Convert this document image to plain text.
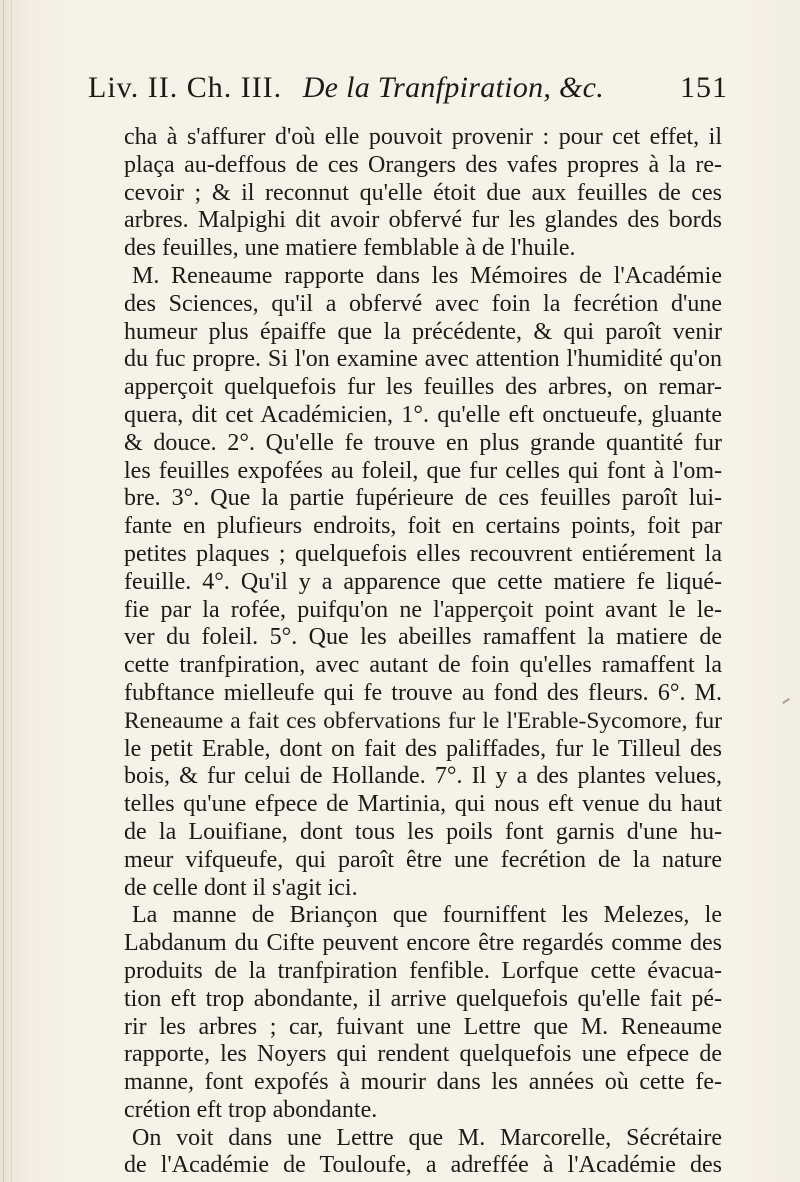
Liv. II. Ch. III. De la Tranfpiration, &c.	151
cha à s'affurer d'où elle pouvoit provenir : pour cet effet, il
plaça au-deffous de ces Orangers des vafes propres à la re-
cevoir ; & il reconnut qu'elle étoit due aux feuilles de ces
arbres. Malpighi dit avoir obfervé fur les glandes des bords
des feuilles, une matiere femblable à de l'huile.
M. Reneaume rapporte dans les Mémoires de l'Académie
des Sciences, qu'il a obfervé avec foin la fecrétion d'une
humeur plus épaiffe que la précédente, & qui paroît venir
du fuc propre. Si l'on examine avec attention l'humidité qu'on
apperçoit quelquefois fur les feuilles des arbres, on remar-
quera, dit cet Académicien, 1°. qu'elle eft onctueufe, gluante
& douce. 2°. Qu'elle fe trouve en plus grande quantité fur
les feuilles expofées au foleil, que fur celles qui font à l'om-
bre. 3°. Que la partie fupérieure de ces feuilles paroît lui-
fante en plufieurs endroits, foit en certains points, foit par
petites plaques ; quelquefois elles recouvrent entiérement la
feuille. 4°. Qu'il y a apparence que cette matiere fe liqué-
fie par la rofée, puifqu'on ne l'apperçoit point avant le le-
ver du foleil. 5°. Que les abeilles ramaffent la matiere de
cette tranfpiration, avec autant de foin qu'elles ramaffent la
fubftance mielleufe qui fe trouve au fond des fleurs. 6°. M.
Reneaume a fait ces obfervations fur le l'Erable-Sycomore, fur
le petit Erable, dont on fait des paliffades, fur le Tilleul des
bois, & fur celui de Hollande. 7°. Il y a des plantes velues,
telles qu'une efpece de Martinia, qui nous eft venue du haut
de la Louifiane, dont tous les poils font garnis d'une hu-
meur vifqueufe, qui paroît être une fecrétion de la nature
de celle dont il s'agit ici.
La manne de Briançon que fourniffent les Melezes, le
Labdanum du Cifte peuvent encore être regardés comme des
produits de la tranfpiration fenfible. Lorfque cette évacua-
tion eft trop abondante, il arrive quelquefois qu'elle fait pé-
rir les arbres ; car, fuivant une Lettre que M. Reneaume
rapporte, les Noyers qui rendent quelquefois une efpece de
manne, font expofés à mourir dans les années où cette fe-
crétion eft trop abondante.
On voit dans une Lettre que M. Marcorelle, Sécrétaire
de l'Académie de Touloufe, a adreffée à l'Académie des
